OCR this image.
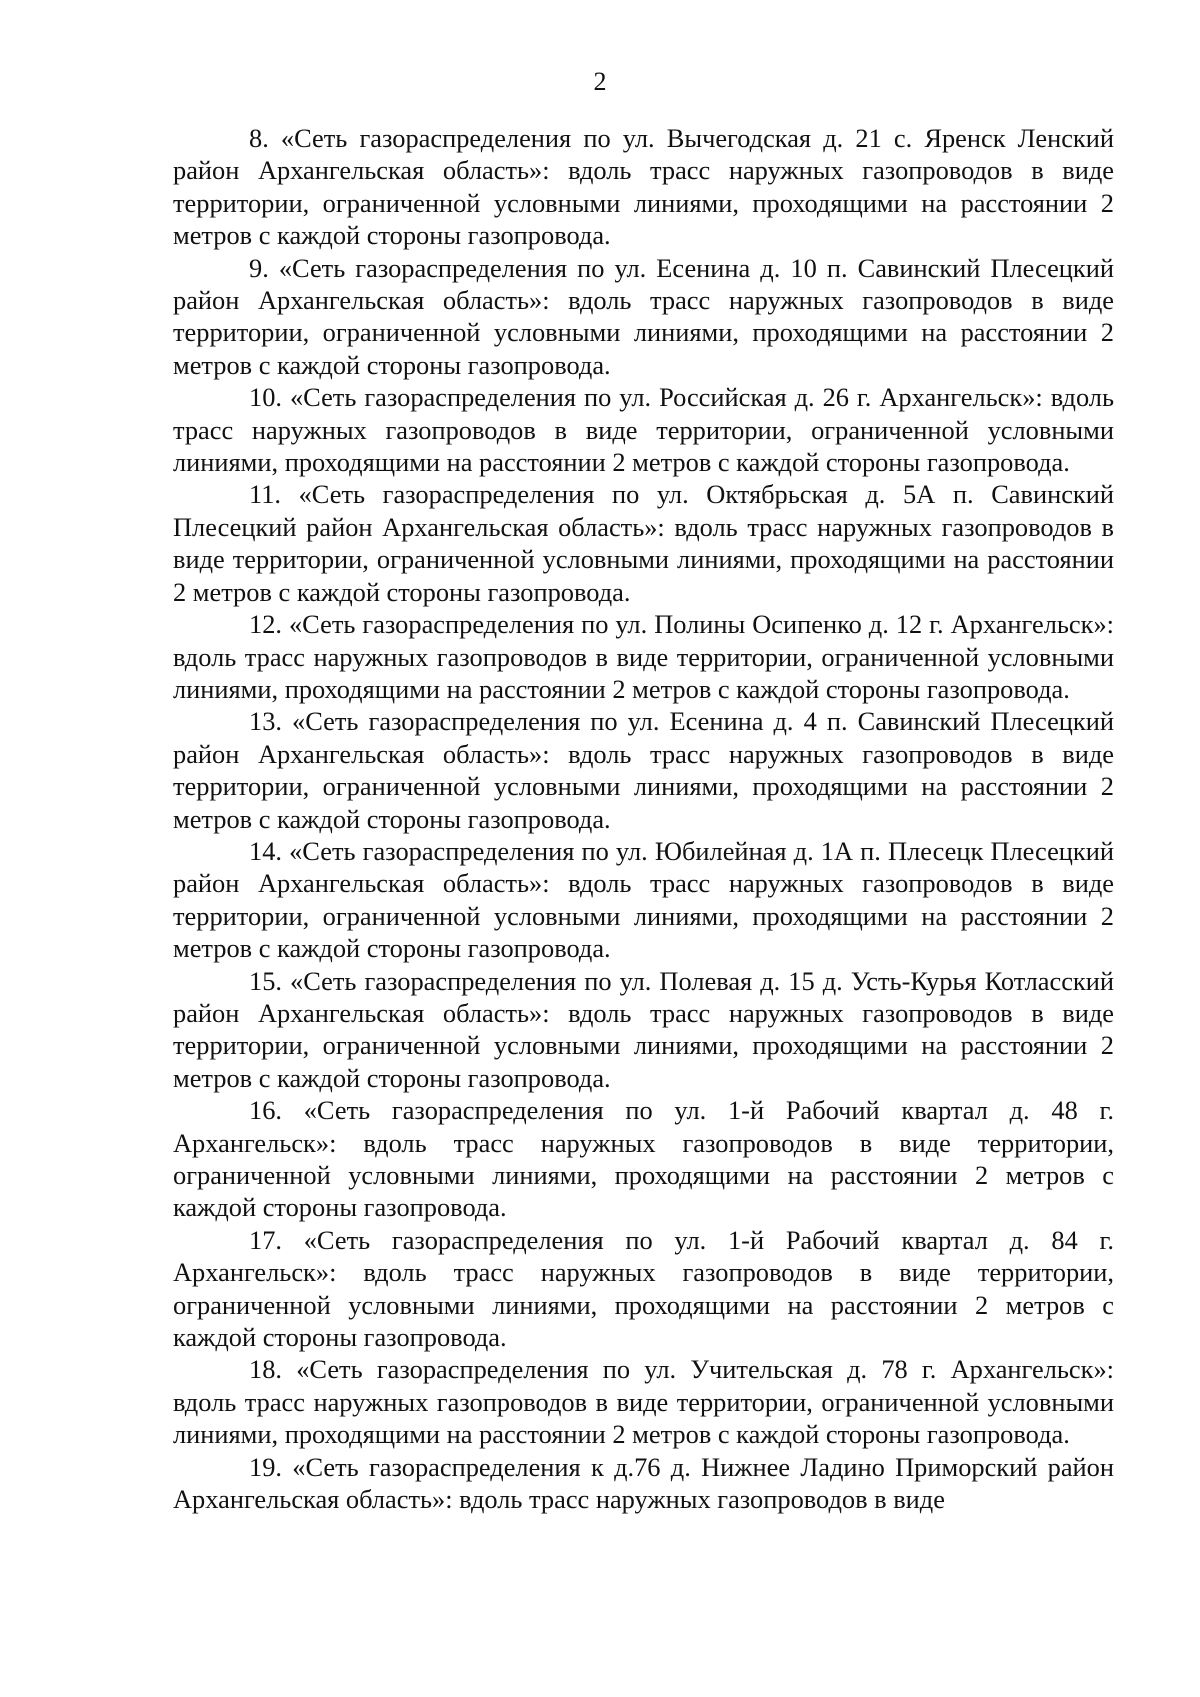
2

8. «Сеть газораспределения по ул. Вычегодская д. 21 с. Яренск Ленский район Архангельская область»: вдоль трасс наружных газопроводов в виде территории, ограниченной условными линиями, проходящими на расстоянии 2 метров с каждой стороны газопровода.

9. «Сеть газораспределения по ул. Есенина д. 10 п. Савинский Плесецкий район Архангельская область»: вдоль трасс наружных газопроводов в виде территории, ограниченной условными линиями, проходящими на расстоянии 2 метров с каждой стороны газопровода.

10. «Сеть газораспределения по ул. Российская д. 26 г. Архангельск»: вдоль трасс наружных газопроводов в виде территории, ограниченной условными линиями, проходящими на расстоянии 2 метров с каждой стороны газопровода.

11. «Сеть газораспределения по ул. Октябрьская д. 5А п. Савинский Плесецкий район Архангельская область»: вдоль трасс наружных газопроводов в виде территории, ограниченной условными линиями, проходящими на расстоянии 2 метров с каждой стороны газопровода.

12. «Сеть газораспределения по ул. Полины Осипенко д. 12 г. Архангельск»: вдоль трасс наружных газопроводов в виде территории, ограниченной условными линиями, проходящими на расстоянии 2 метров с каждой стороны газопровода.

13. «Сеть газораспределения по ул. Есенина д. 4 п. Савинский Плесецкий район Архангельская область»: вдоль трасс наружных газопроводов в виде территории, ограниченной условными линиями, проходящими на расстоянии 2 метров с каждой стороны газопровода.

14. «Сеть газораспределения по ул. Юбилейная д. 1А п. Плесецк Плесецкий район Архангельская область»: вдоль трасс наружных газопроводов в виде территории, ограниченной условными линиями, проходящими на расстоянии 2 метров с каждой стороны газопровода.

15. «Сеть газораспределения по ул. Полевая д. 15 д. Усть-Курья Котласский район Архангельская область»: вдоль трасс наружных газопроводов в виде территории, ограниченной условными линиями, проходящими на расстоянии 2 метров с каждой стороны газопровода.

16. «Сеть газораспределения по ул. 1-й Рабочий квартал д. 48 г. Архангельск»: вдоль трасс наружных газопроводов в виде территории, ограниченной условными линиями, проходящими на расстоянии 2 метров с каждой стороны газопровода.

17. «Сеть газораспределения по ул. 1-й Рабочий квартал д. 84 г. Архангельск»: вдоль трасс наружных газопроводов в виде территории, ограниченной условными линиями, проходящими на расстоянии 2 метров с каждой стороны газопровода.

18. «Сеть газораспределения по ул. Учительская д. 78 г. Архангельск»: вдоль трасс наружных газопроводов в виде территории, ограниченной условными линиями, проходящими на расстоянии 2 метров с каждой стороны газопровода.

19. «Сеть газораспределения к д.76 д. Нижнее Ладино Приморский район Архангельская область»: вдоль трасс наружных газопроводов в виде
